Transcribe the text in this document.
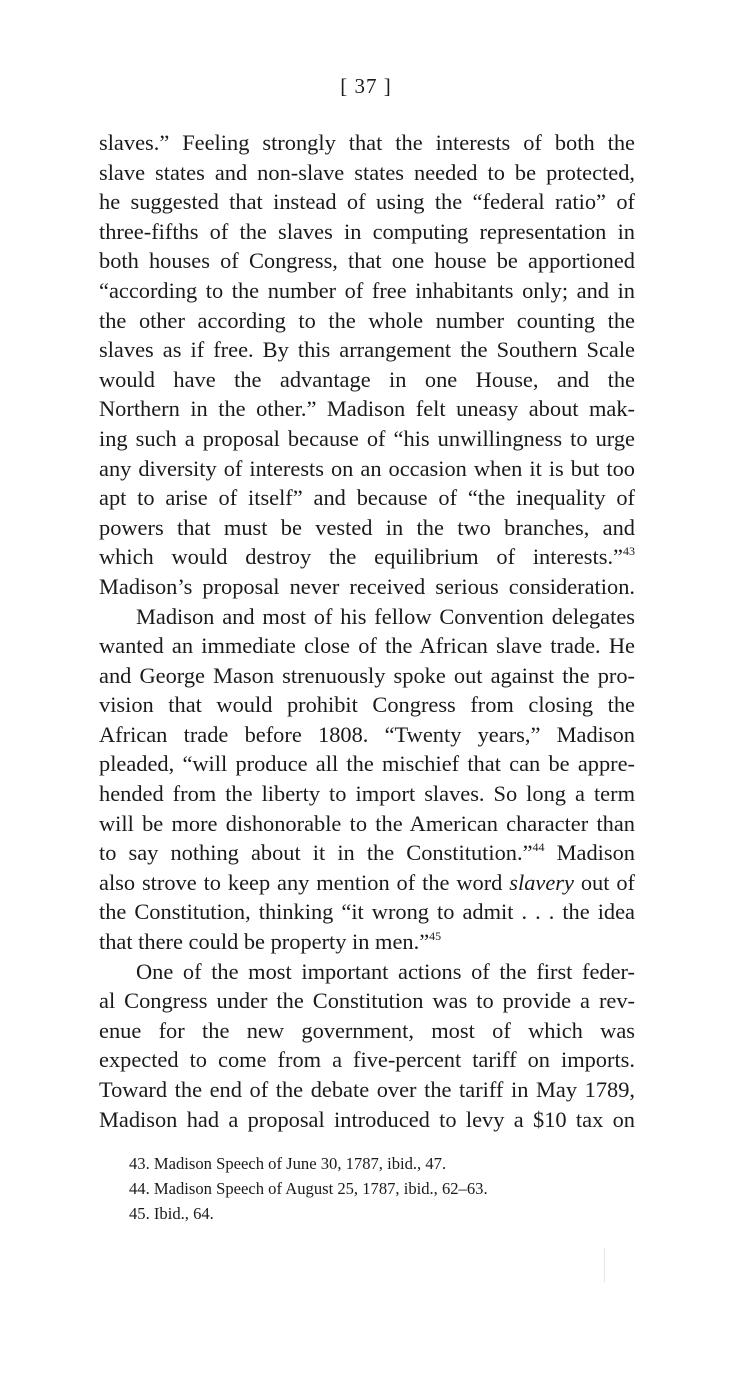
[ 37 ]

slaves.” Feeling strongly that the interests of both the
slave states and non-slave states needed to be protected,
he suggested that instead of using the “federal ratio” of
three-fifths of the slaves in computing representation in
both houses of Congress, that one house be apportioned
“according to the number of free inhabitants only; and in
the other according to the whole number counting the
slaves as if free. By this arrangement the Southern Scale
would have the advantage in one House, and the
Northern in the other.” Madison felt uneasy about mak-
ing such a proposal because of “his unwillingness to urge
any diversity of interests on an occasion when it is but too
apt to arise of itself” and because of “the inequality of
powers that must be vested in the two branches, and
which would destroy the equilibrium of interests.”$^{43}$
Madison’s proposal never received serious consideration.

Madison and most of his fellow Convention delegates
wanted an immediate close of the African slave trade. He
and George Mason strenuously spoke out against the pro-
vision that would prohibit Congress from closing the
African trade before 1808. “Twenty years,” Madison
pleaded, “will produce all the mischief that can be appre-
hended from the liberty to import slaves. So long a term
will be more dishonorable to the American character than
to say nothing about it in the Constitution.”$^{44}$ Madison
also strove to keep any mention of the word slavery out of
the Constitution, thinking “it wrong to admit . . . the idea
that there could be property in men.”$^{45}$

One of the most important actions of the first feder-
al Congress under the Constitution was to provide a rev-
enue for the new government, most of which was
expected to come from a five-percent tariff on imports.
Toward the end of the debate over the tariff in May 1789,
Madison had a proposal introduced to levy a $10 tax on

43. Madison Speech of June 30, 1787, ibid., 47.
44. Madison Speech of August 25, 1787, ibid., 62–63.
45. Ibid., 64.
